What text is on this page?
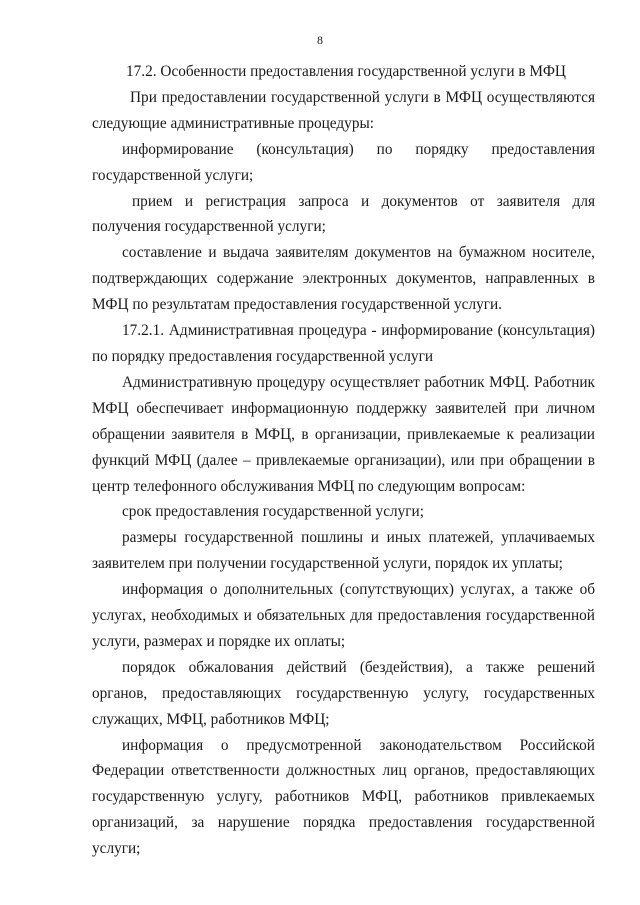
8

17.2. Особенности предоставления государственной услуги в МФЦ

При предоставлении государственной услуги в МФЦ осуществляются следующие административные процедуры:

информирование (консультация) по порядку предоставления государственной услуги;

прием и регистрация запроса и документов от заявителя для получения государственной услуги;

составление и выдача заявителям документов на бумажном носителе, подтверждающих содержание электронных документов, направленных в МФЦ по результатам предоставления государственной услуги.

17.2.1. Административная процедура - информирование (консультация) по порядку предоставления государственной услуги

Административную процедуру осуществляет работник МФЦ. Работник МФЦ обеспечивает информационную поддержку заявителей при личном обращении заявителя в МФЦ, в организации, привлекаемые к реализации функций МФЦ (далее – привлекаемые организации), или при обращении в центр телефонного обслуживания МФЦ по следующим вопросам:

срок предоставления государственной услуги;

размеры государственной пошлины и иных платежей, уплачиваемых заявителем при получении государственной услуги, порядок их уплаты;

информация о дополнительных (сопутствующих) услугах, а также об услугах, необходимых и обязательных для предоставления государственной услуги, размерах и порядке их оплаты;

порядок обжалования действий (бездействия), а также решений органов, предоставляющих государственную услугу, государственных служащих, МФЦ, работников МФЦ;

информация о предусмотренной законодательством Российской Федерации ответственности должностных лиц органов, предоставляющих государственную услугу, работников МФЦ, работников привлекаемых организаций, за нарушение порядка предоставления государственной услуги;
